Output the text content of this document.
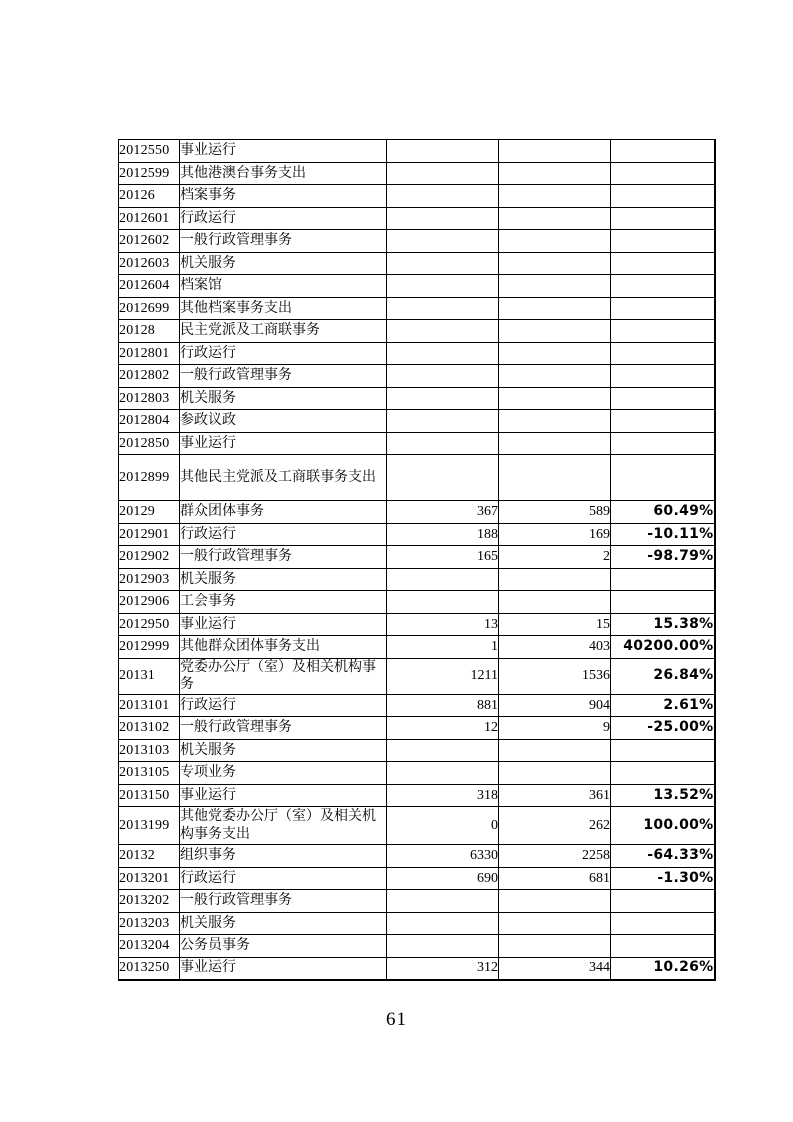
2012550	事业运行			
2012599	其他港澳台事务支出			
20126	档案事务			
2012601	行政运行			
2012602	一般行政管理事务			
2012603	机关服务			
2012604	档案馆			
2012699	其他档案事务支出			
20128	民主党派及工商联事务			
2012801	行政运行			
2012802	一般行政管理事务			
2012803	机关服务			
2012804	参政议政			
2012850	事业运行			
2012899	其他民主党派及工商联事务支出			
20129	群众团体事务	367	589	60.49%
2012901	行政运行	188	169	-10.11%
2012902	一般行政管理事务	165	2	-98.79%
2012903	机关服务			
2012906	工会事务			
2012950	事业运行	13	15	15.38%
2012999	其他群众团体事务支出	1	403	40200.00%
20131	党委办公厅（室）及相关机构事务	1211	1536	26.84%
2013101	行政运行	881	904	2.61%
2013102	一般行政管理事务	12	9	-25.00%
2013103	机关服务			
2013105	专项业务			
2013150	事业运行	318	361	13.52%
2013199	其他党委办公厅（室）及相关机构事务支出	0	262	100.00%
20132	组织事务	6330	2258	-64.33%
2013201	行政运行	690	681	-1.30%
2013202	一般行政管理事务			
2013203	机关服务			
2013204	公务员事务			
2013250	事业运行	312	344	10.26%
61
